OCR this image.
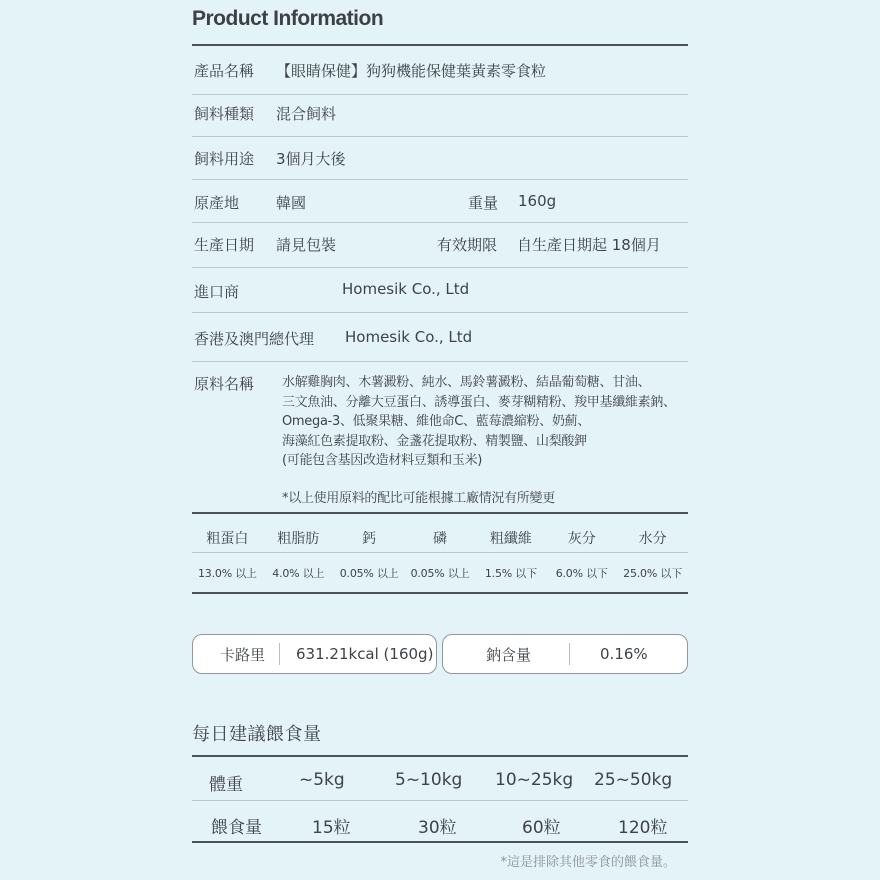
Product Information
產品名稱 【眼睛保健】狗狗機能保健葉黃素零食粒
飼料種類 混合飼料
飼料用途 3個月大後
原產地 韓國	重量 160g
生產日期 請見包裝	有效期限 自生產日期起 18個月
進口商	Homesik Co., Ltd
香港及澳門總代理 Homesik Co., Ltd
原料名稱 水解雞胸肉、木薯澱粉、純水、馬鈴薯澱粉、結晶葡萄糖、甘油、
三文魚油、分離大豆蛋白、誘導蛋白、麥芽糊精粉、羧甲基纖維素鈉、
Omega-3、低聚果糖、維他命C、藍莓濃縮粉、奶薊、
海藻紅色素提取粉、金盞花提取粉、精製鹽、山梨酸鉀
(可能包含基因改造材料豆類和玉米)
*以上使用原料的配比可能根據工廠情況有所變更
粗蛋白	粗脂肪	鈣	磷	粗纖維	灰分	水分
13.0% 以上	4.0% 以上	0.05% 以上	0.05% 以上	1.5% 以下	6.0% 以下	25.0% 以下
卡路里 631.21kcal (160g)	鈉含量	0.16%
每日建議餵食量
體重	~5kg	5~10kg 10~25kg 25~50kg
餵食量	15粒	30粒	60粒	120粒
*這是排除其他零食的餵食量。
